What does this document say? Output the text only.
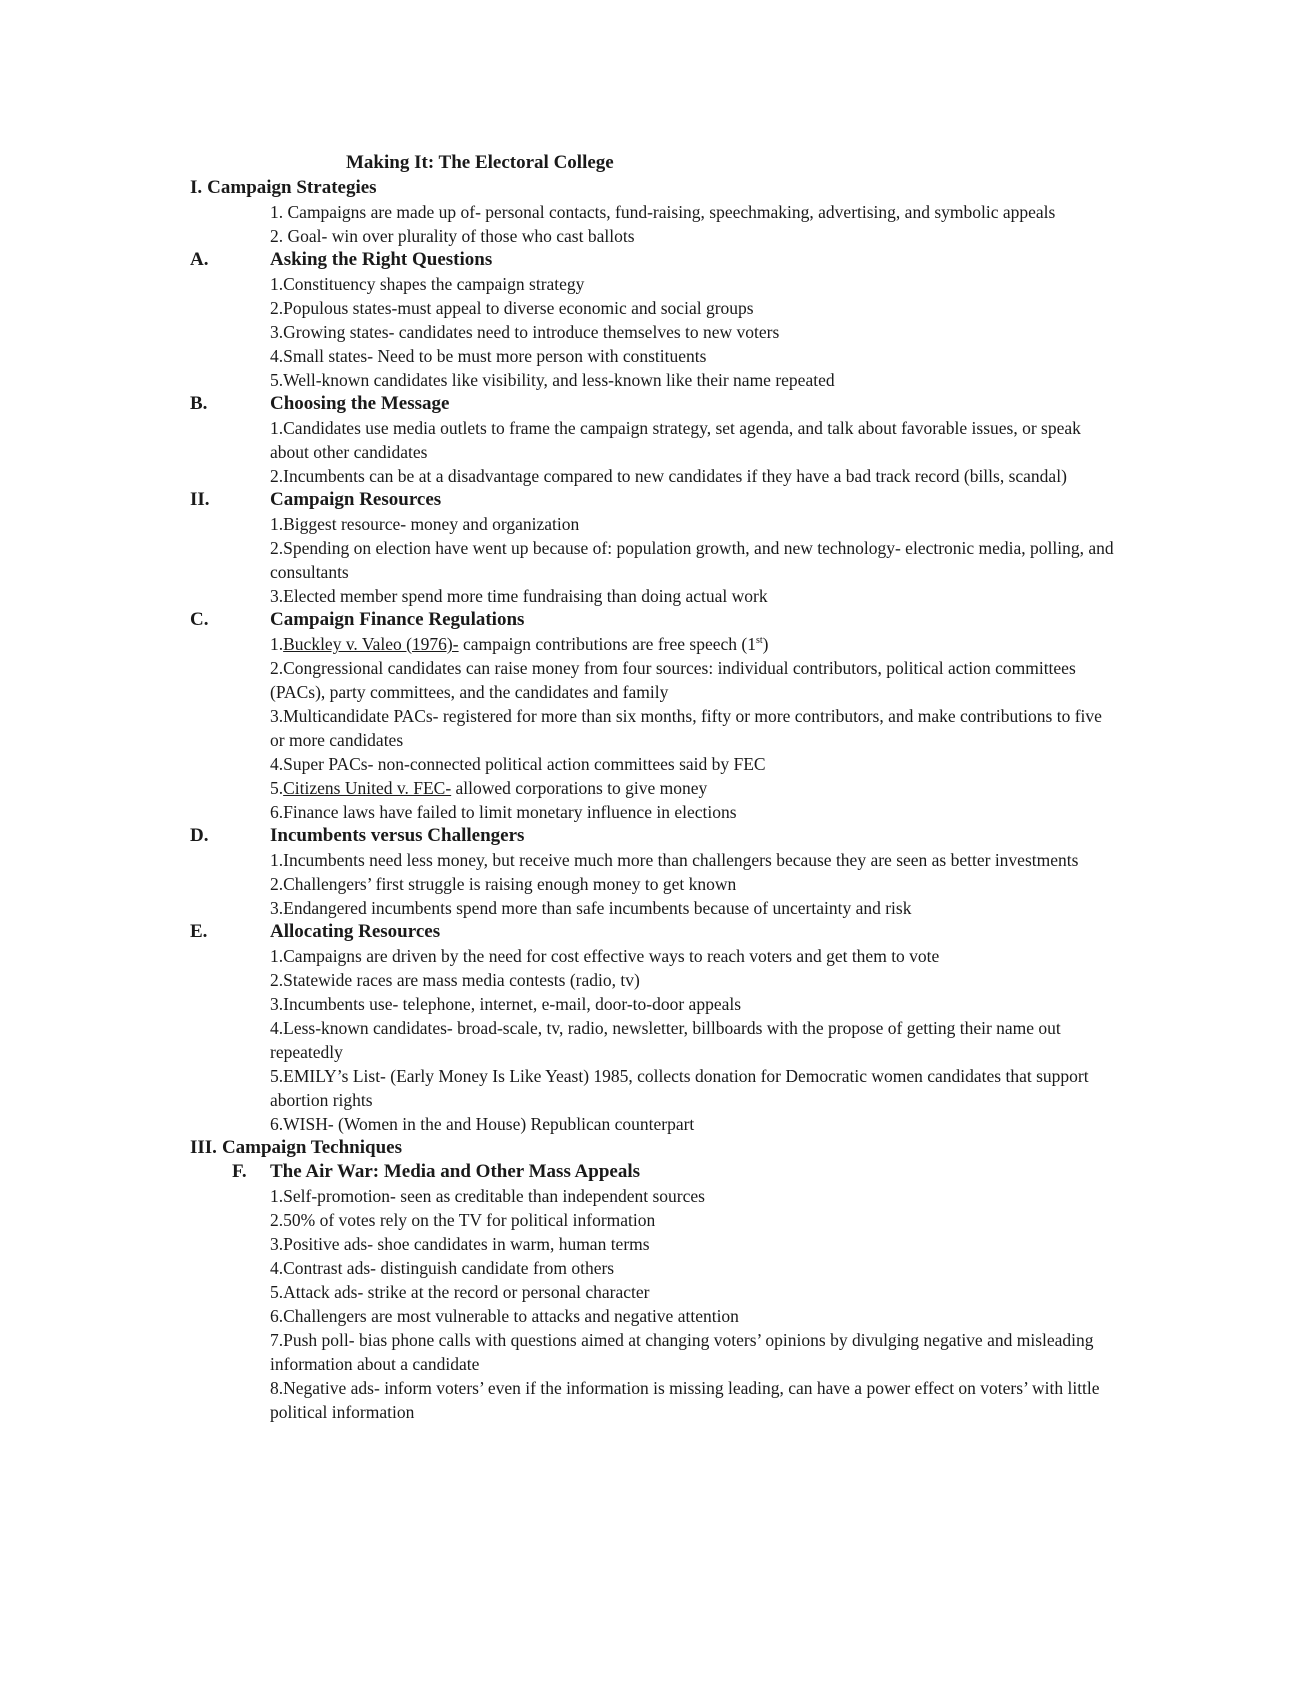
Making It: The Electoral College
I. Campaign Strategies
1. Campaigns are made up of- personal contacts, fund-raising, speechmaking, advertising, and symbolic appeals
2. Goal- win over plurality of those who cast ballots
A.	Asking the Right Questions
1.Constituency shapes the campaign strategy
2.Populous states-must appeal to diverse economic and social groups
3.Growing states- candidates need to introduce themselves to new voters
4.Small states- Need to be must more person with constituents
5.Well-known candidates like visibility, and less-known like their name repeated
B.	Choosing the Message
1.Candidates use media outlets to frame the campaign strategy, set agenda, and talk about favorable issues, or speak about other candidates
2.Incumbents can be at a disadvantage compared to new candidates if they have a bad track record (bills, scandal)
II.	Campaign Resources
1.Biggest resource- money and organization
2.Spending on election have went up because of: population growth, and new technology- electronic media, polling, and consultants
3.Elected member spend more time fundraising than doing actual work
C.	Campaign Finance Regulations
1.Buckley v. Valeo (1976)- campaign contributions are free speech (1st)
2.Congressional candidates can raise money from four sources: individual contributors, political action committees (PACs), party committees, and the candidates and family
3.Multicandidate PACs- registered for more than six months, fifty or more contributors, and make contributions to five or more candidates
4.Super PACs- non-connected political action committees said by FEC
5.Citizens United v. FEC- allowed corporations to give money
6.Finance laws have failed to limit monetary influence in elections
D.	Incumbents versus Challengers
1.Incumbents need less money, but receive much more than challengers because they are seen as better investments
2.Challengers’ first struggle is raising enough money to get known
3.Endangered incumbents spend more than safe incumbents because of uncertainty and risk
E.	Allocating Resources
1.Campaigns are driven by the need for cost effective ways to reach voters and get them to vote
2.Statewide races are mass media contests (radio, tv)
3.Incumbents use- telephone, internet, e-mail, door-to-door appeals
4.Less-known candidates- broad-scale, tv, radio, newsletter, billboards with the propose of getting their name out repeatedly
5.EMILY’s List- (Early Money Is Like Yeast) 1985, collects donation for Democratic women candidates that support abortion rights
6.WISH- (Women in the and House) Republican counterpart
III. Campaign Techniques
F.	The Air War: Media and Other Mass Appeals
1.Self-promotion- seen as creditable than independent sources
2.50% of votes rely on the TV for political information
3.Positive ads- shoe candidates in warm, human terms
4.Contrast ads- distinguish candidate from others
5.Attack ads- strike at the record or personal character
6.Challengers are most vulnerable to attacks and negative attention
7.Push poll- bias phone calls with questions aimed at changing voters’ opinions by divulging negative and misleading information about a candidate
8.Negative ads- inform voters’ even if the information is missing leading, can have a power effect on voters’ with little political information
